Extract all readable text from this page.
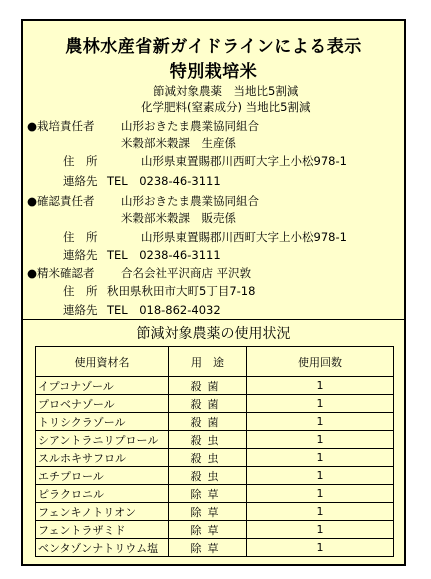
農林水産省新ガイドラインによる表示
特別栽培米
節減対象農薬　当地比5割減
化学肥料(窒素成分) 当地比5割減
●栽培責任者 山形おきたま農業協同組合
米穀部米穀課　生産係
住　所	山形県東置賜郡川西町大字上小松978-1
連絡先 TEL　0238-46-3111
●確認責任者 山形おきたま農業協同組合
米穀部米穀課　販売係
住　所	山形県東置賜郡川西町大字上小松978-1
連絡先 TEL　0238-46-3111
●精米確認者 合名会社平沢商店 平沢敦
住　所 秋田県秋田市大町5丁目7-18
連絡先 TEL　018-862-4032
節減対象農薬の使用状況
使用資材名	用　途	使用回数
イプコナゾール	殺菌	1
プロベナゾール	殺菌	1
トリシクラゾール	殺菌	1
シアントラニリプロール	殺虫	1
スルホキサフロル	殺虫	1
エチプロール	殺虫	1
ピラクロニル	除草	1
フェンキノトリオン	除草	1
フェントラザミド	除草	1
ベンタゾンナトリウム塩	除草	1
